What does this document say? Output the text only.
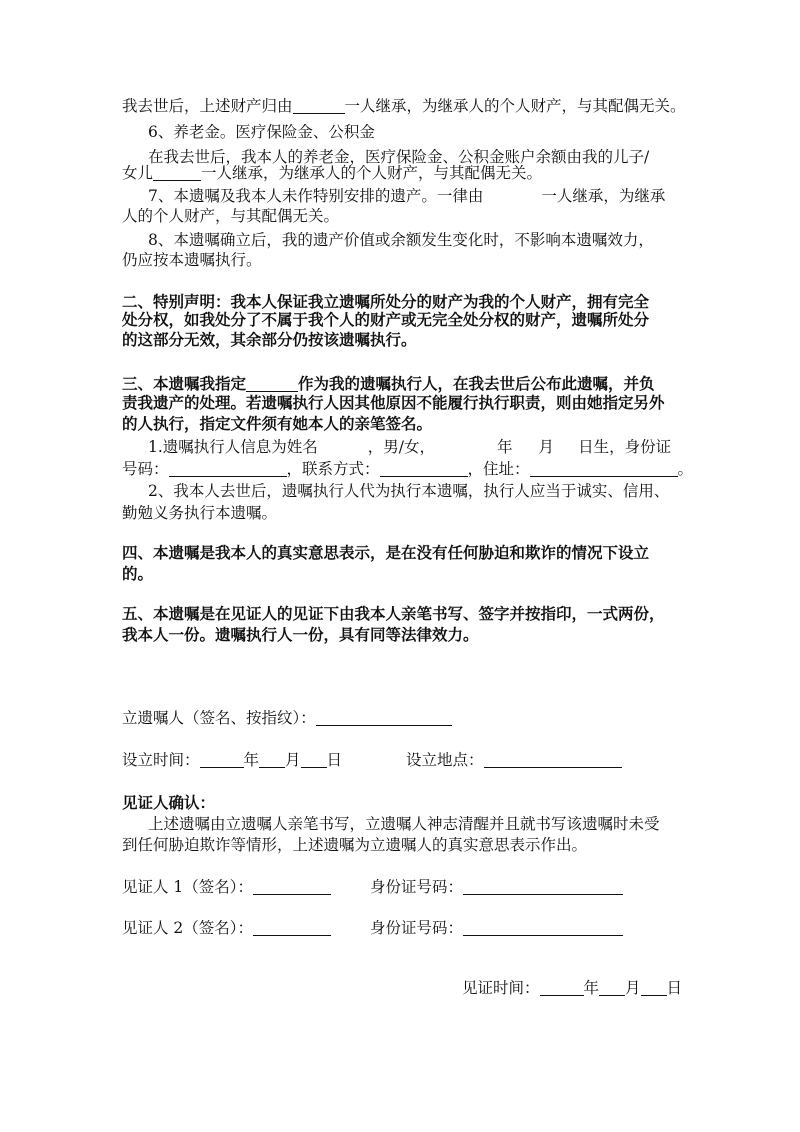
我去世后，上述财产归由	一人继承，为继承人的个人财产，与其配偶无关。
6、养老金。医疗保险金、公积金
在我去世后，我本人的养老金，医疗保险金、公积金账户余额由我的儿子/
女儿	一人继承，为继承人的个人财产，与其配偶无关。
7、本遗嘱及我本人未作特别安排的遗产。一律由	一人继承，为继承
人的个人财产，与其配偶无关。
8、本遗嘱确立后，我的遗产价值或余额发生变化时，不影响本遗嘱效力，
仍应按本遗嘱执行。
二、特别声明：我本人保证我立遗嘱所处分的财产为我的个人财产，拥有完全
处分权，如我处分了不属于我个人的财产或无完全处分权的财产，遗嘱所处分
的这部分无效，其余部分仍按该遗嘱执行。
三、本遗嘱我指定	作为我的遗嘱执行人，在我去世后公布此遗嘱，并负
责我遗产的处理。若遗嘱执行人因其他原因不能履行执行职责，则由她指定另外
的人执行，指定文件须有她本人的亲笔签名。
1.遗嘱执行人信息为姓名	，男/女，	年 月 日生，身份证
号码：	，联系方式：	，住址：	。
2、我本人去世后，遗嘱执行人代为执行本遗嘱，执行人应当于诚实、信用、
勤勉义务执行本遗嘱。
四、本遗嘱是我本人的真实意思表示，是在没有任何胁迫和欺诈的情况下设立
的。
五、本遗嘱是在见证人的见证下由我本人亲笔书写、签字并按指印，一式两份，
我本人一份。遗嘱执行人一份，具有同等法律效力。
立遗嘱人（签名、按指纹）：
设立时间：	年 月 日	设立地点：
见证人确认：
上述遗嘱由立遗嘱人亲笔书写，立遗嘱人神志清醒并且就书写该遗嘱时未受
到任何胁迫欺诈等情形，上述遗嘱为立遗嘱人的真实意思表示作出。
见证人 1（签名）：	身份证号码：
见证人 2（签名）：	身份证号码：
见证时间：	年 月 日
